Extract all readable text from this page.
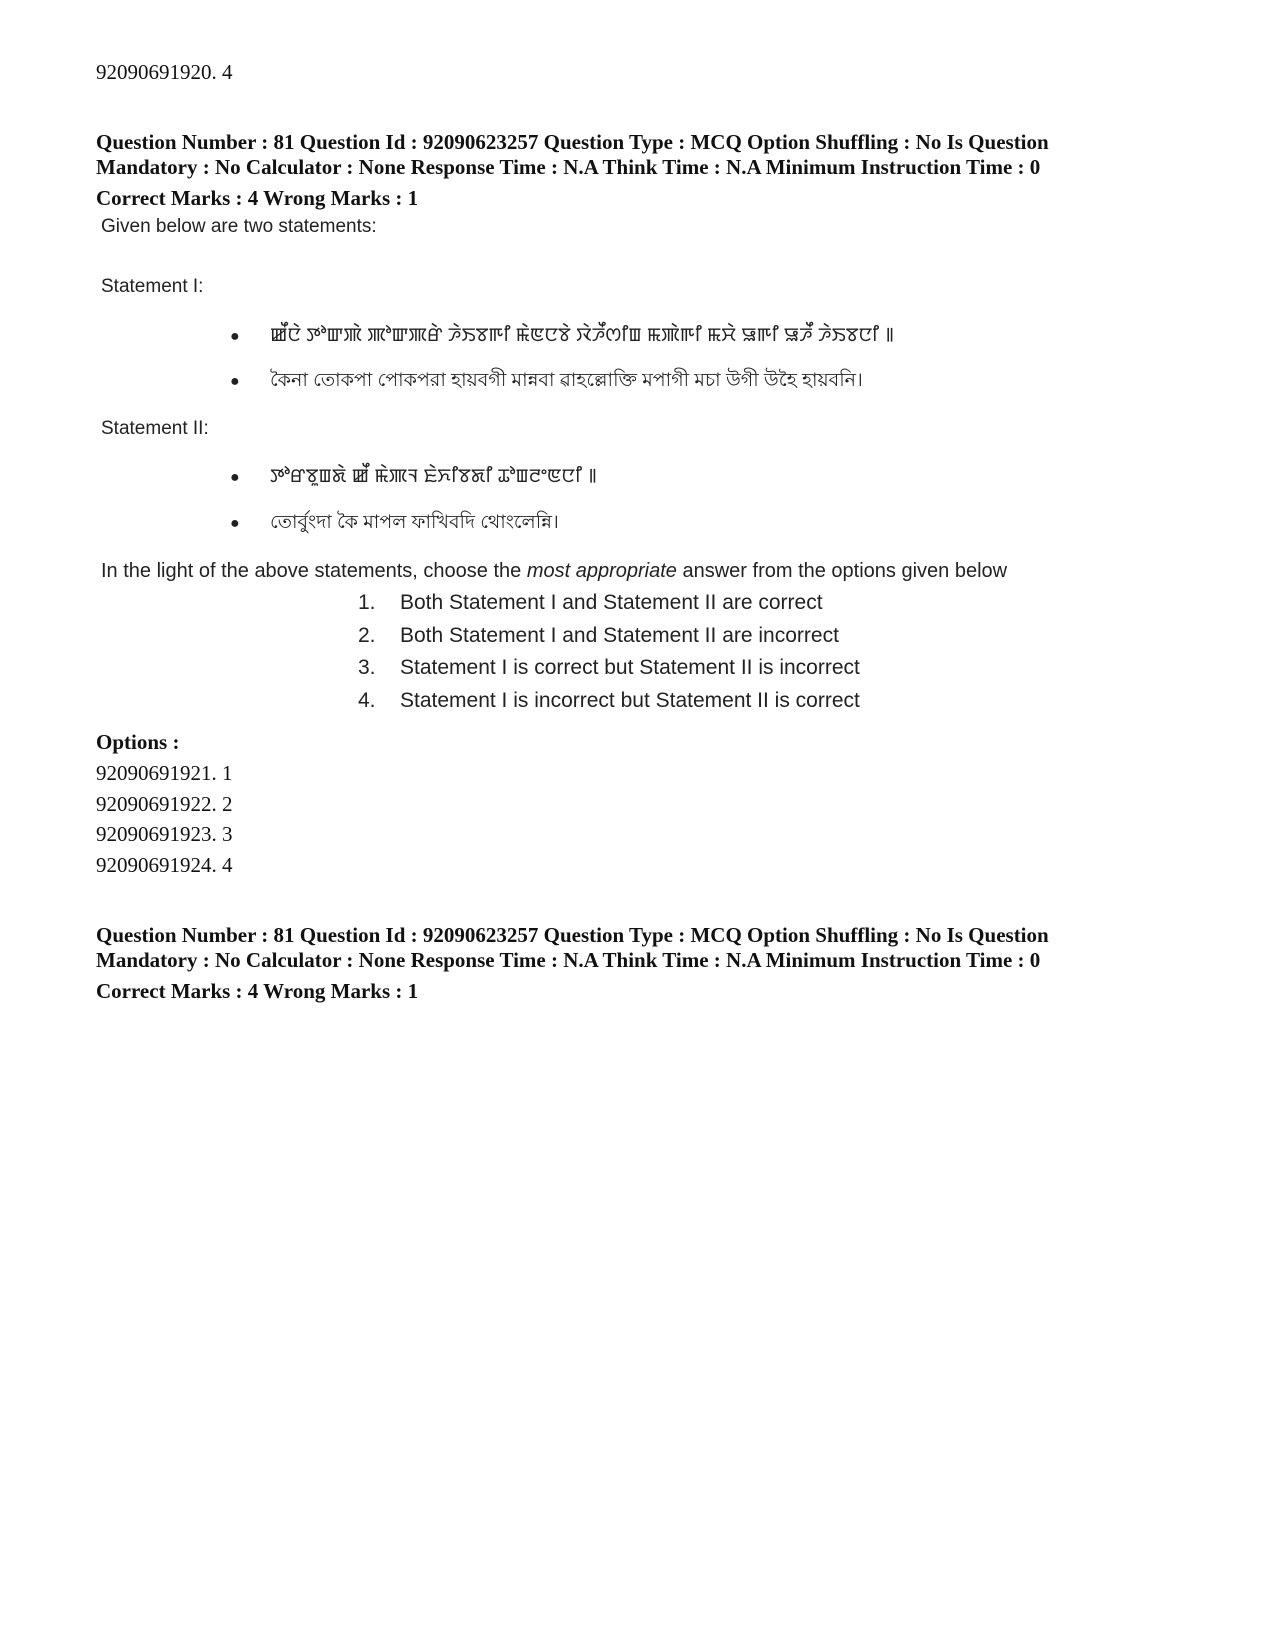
92090691920. 4
Question Number : 81 Question Id : 92090623257 Question Type : MCQ Option Shuffling : No Is Question
Mandatory : No Calculator : None Response Time : N.A Think Time : N.A Minimum Instruction Time : 0
Correct Marks : 4 Wrong Marks : 1
Given below are two statements:
Statement I:
● ꯀꯩꯅꯥ ꯇꯣꯛꯄꯥ ꯄꯣꯛꯄꯔꯥ ꯍꯥꯏꯕꯒꯤ ꯃꯥꯟꯅꯕꯥ ꯋꯥꯍꯩꯁꯤꯡ ꯃꯄꯥꯒꯤ ꯃꯆꯥ ꯎꯒꯤ ꯎꯍꯩ ꯍꯥꯏꯕꯅꯤ ꯫
● কৈনা তোকপা পোকপরা হায়বগী মান্নবা ৱাহল্লোক্তি মপাগী মচা উগী উহৈ হায়বনি।
Statement II:
● ꯇꯣꯔꯕꯨꯡꯗꯥ ꯀꯩ ꯃꯥꯄꯜ ꯐꯥꯈꯤꯕꯗꯤ ꯊꯣꯡꯂꯦꯟꯅꯤ ꯫
● তোর্বুংদা কৈ মাপল ফাখিবদি থোংলেন্নি।
In the light of the above statements, choose the most appropriate answer from the options given below
1. Both Statement I and Statement II are correct
2. Both Statement I and Statement II are incorrect
3. Statement I is correct but Statement II is incorrect
4. Statement I is incorrect but Statement II is correct
Options :
92090691921. 1
92090691922. 2
92090691923. 3
92090691924. 4
Question Number : 81 Question Id : 92090623257 Question Type : MCQ Option Shuffling : No Is Question
Mandatory : No Calculator : None Response Time : N.A Think Time : N.A Minimum Instruction Time : 0
Correct Marks : 4 Wrong Marks : 1
